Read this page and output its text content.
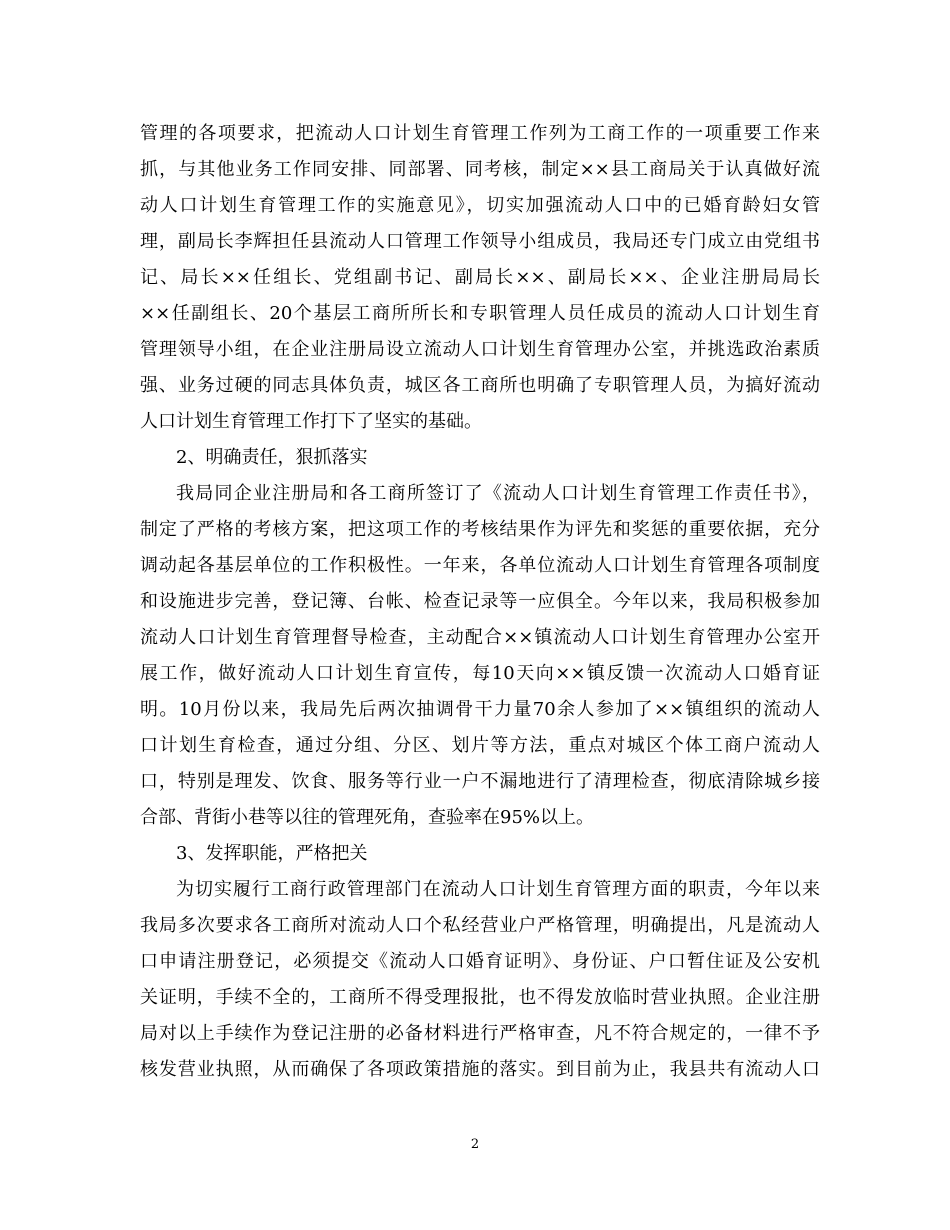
管理的各项要求，把流动人口计划生育管理工作列为工商工作的一项重要工作来
抓，与其他业务工作同安排、同部署、同考核，制定××县工商局关于认真做好流
动人口计划生育管理工作的实施意见》，切实加强流动人口中的已婚育龄妇女管
理，副局长李辉担任县流动人口管理工作领导小组成员，我局还专门成立由党组书
记、局长××任组长、党组副书记、副局长××、副局长××、企业注册局局长
××任副组长、20个基层工商所所长和专职管理人员任成员的流动人口计划生育
管理领导小组，在企业注册局设立流动人口计划生育管理办公室，并挑选政治素质
强、业务过硬的同志具体负责，城区各工商所也明确了专职管理人员，为搞好流动
人口计划生育管理工作打下了坚实的基础。
2、明确责任，狠抓落实
我局同企业注册局和各工商所签订了《流动人口计划生育管理工作责任书》，
制定了严格的考核方案，把这项工作的考核结果作为评先和奖惩的重要依据，充分
调动起各基层单位的工作积极性。一年来，各单位流动人口计划生育管理各项制度
和设施进步完善，登记簿、台帐、检查记录等一应俱全。今年以来，我局积极参加
流动人口计划生育管理督导检查，主动配合××镇流动人口计划生育管理办公室开
展工作，做好流动人口计划生育宣传，每10天向××镇反馈一次流动人口婚育证
明。10月份以来，我局先后两次抽调骨干力量70余人参加了××镇组织的流动人
口计划生育检查，通过分组、分区、划片等方法，重点对城区个体工商户流动人
口，特别是理发、饮食、服务等行业一户不漏地进行了清理检查，彻底清除城乡接
合部、背街小巷等以往的管理死角，查验率在95%以上。
3、发挥职能，严格把关
为切实履行工商行政管理部门在流动人口计划生育管理方面的职责，今年以来
我局多次要求各工商所对流动人口个私经营业户严格管理，明确提出，凡是流动人
口申请注册登记，必须提交《流动人口婚育证明》、身份证、户口暂住证及公安机
关证明，手续不全的，工商所不得受理报批，也不得发放临时营业执照。企业注册
局对以上手续作为登记注册的必备材料进行严格审查，凡不符合规定的，一律不予
核发营业执照，从而确保了各项政策措施的落实。到目前为止，我县共有流动人口
2
